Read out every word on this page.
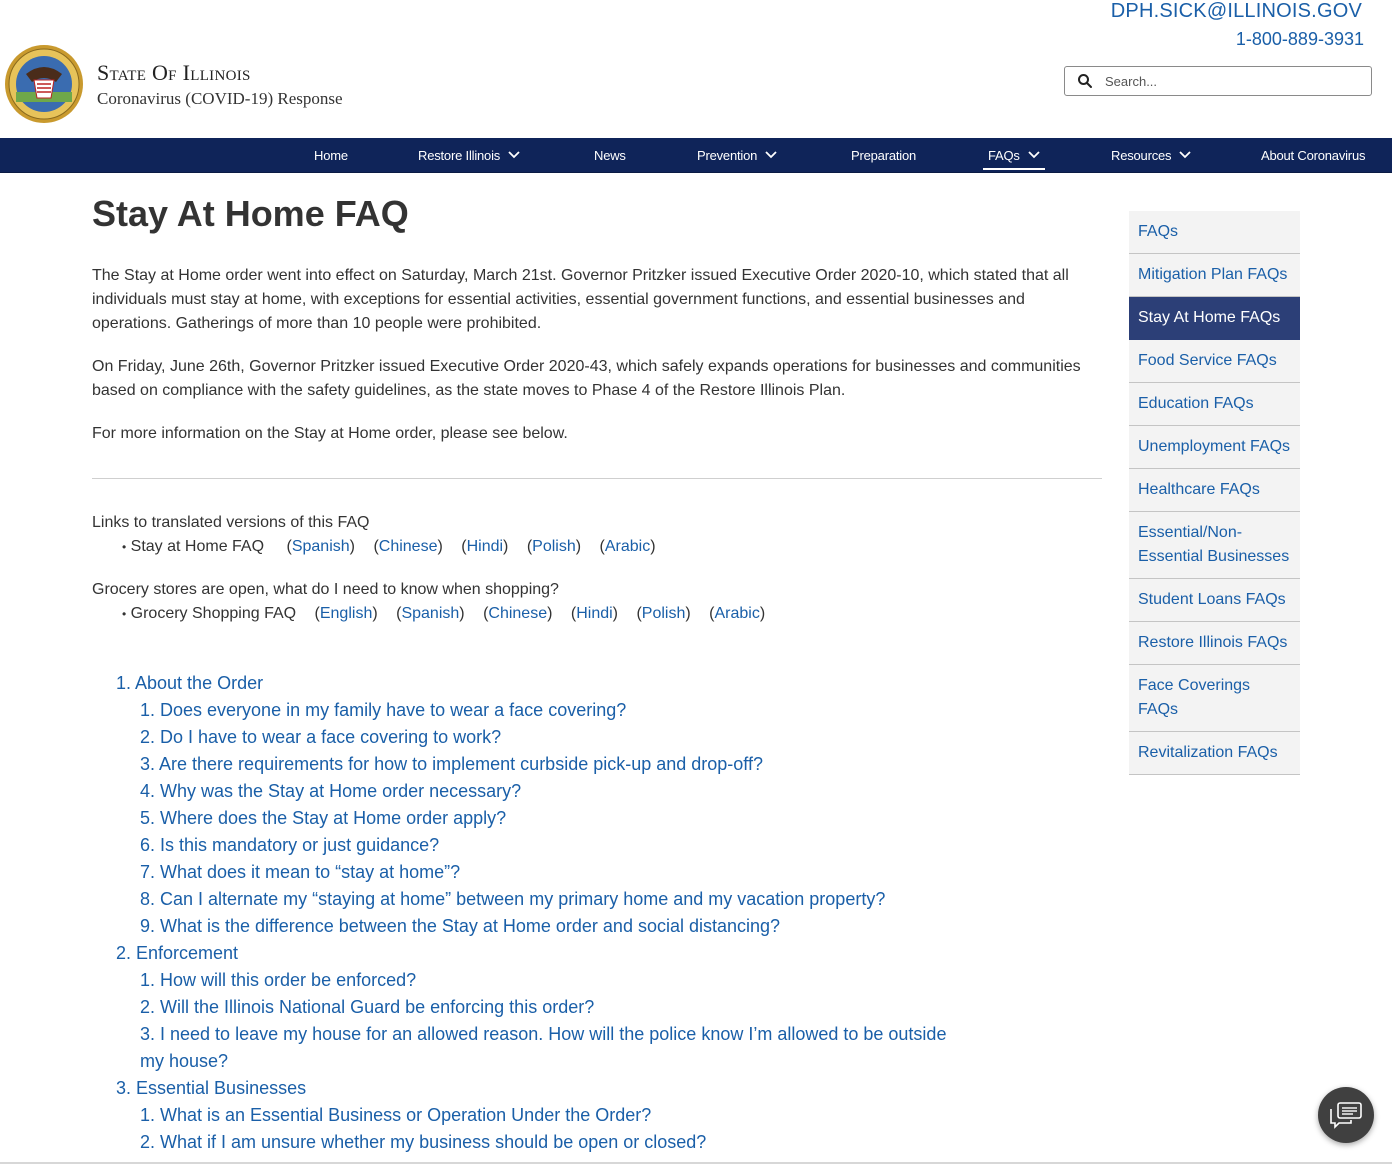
State Of Illinois
Coronavirus (COVID-19) Response
DPH.SICK@ILLINOIS.GOV
1-800-889-3931
Search...
Home	Restore Illinois	News	Prevention	Preparation	FAQs	Resources	About Coronavirus
Stay At Home FAQ

The Stay at Home order went into effect on Saturday, March 21st. Governor Pritzker issued Executive Order 2020-10, which stated that all individuals must stay at home, with exceptions for essential activities, essential government functions, and essential businesses and operations. Gatherings of more than 10 people were prohibited.

On Friday, June 26th, Governor Pritzker issued Executive Order 2020-43, which safely expands operations for businesses and communities based on compliance with the safety guidelines, as the state moves to Phase 4 of the Restore Illinois Plan.

For more information on the Stay at Home order, please see below.

Links to translated versions of this FAQ
• Stay at Home FAQ (Spanish) (Chinese) (Hindi) (Polish) (Arabic)
Grocery stores are open, what do I need to know when shopping?
• Grocery Shopping FAQ (English) (Spanish) (Chinese) (Hindi) (Polish) (Arabic)
1. About the Order
1. Does everyone in my family have to wear a face covering?
2. Do I have to wear a face covering to work?
3. Are there requirements for how to implement curbside pick-up and drop-off?
4. Why was the Stay at Home order necessary?
5. Where does the Stay at Home order apply?
6. Is this mandatory or just guidance?
7. What does it mean to “stay at home”?
8. Can I alternate my “staying at home” between my primary home and my vacation property?
9. What is the difference between the Stay at Home order and social distancing?
2. Enforcement
1. How will this order be enforced?
2. Will the Illinois National Guard be enforcing this order?
3. I need to leave my house for an allowed reason. How will the police know I’m allowed to be outside my house?
3. Essential Businesses
1. What is an Essential Business or Operation Under the Order?
2. What if I am unsure whether my business should be open or closed?
FAQs
Mitigation Plan FAQs
Stay At Home FAQs
Food Service FAQs
Education FAQs
Unemployment FAQs
Healthcare FAQs
Essential/Non-Essential Businesses
Student Loans FAQs
Restore Illinois FAQs
Face Coverings FAQs
Revitalization FAQs
